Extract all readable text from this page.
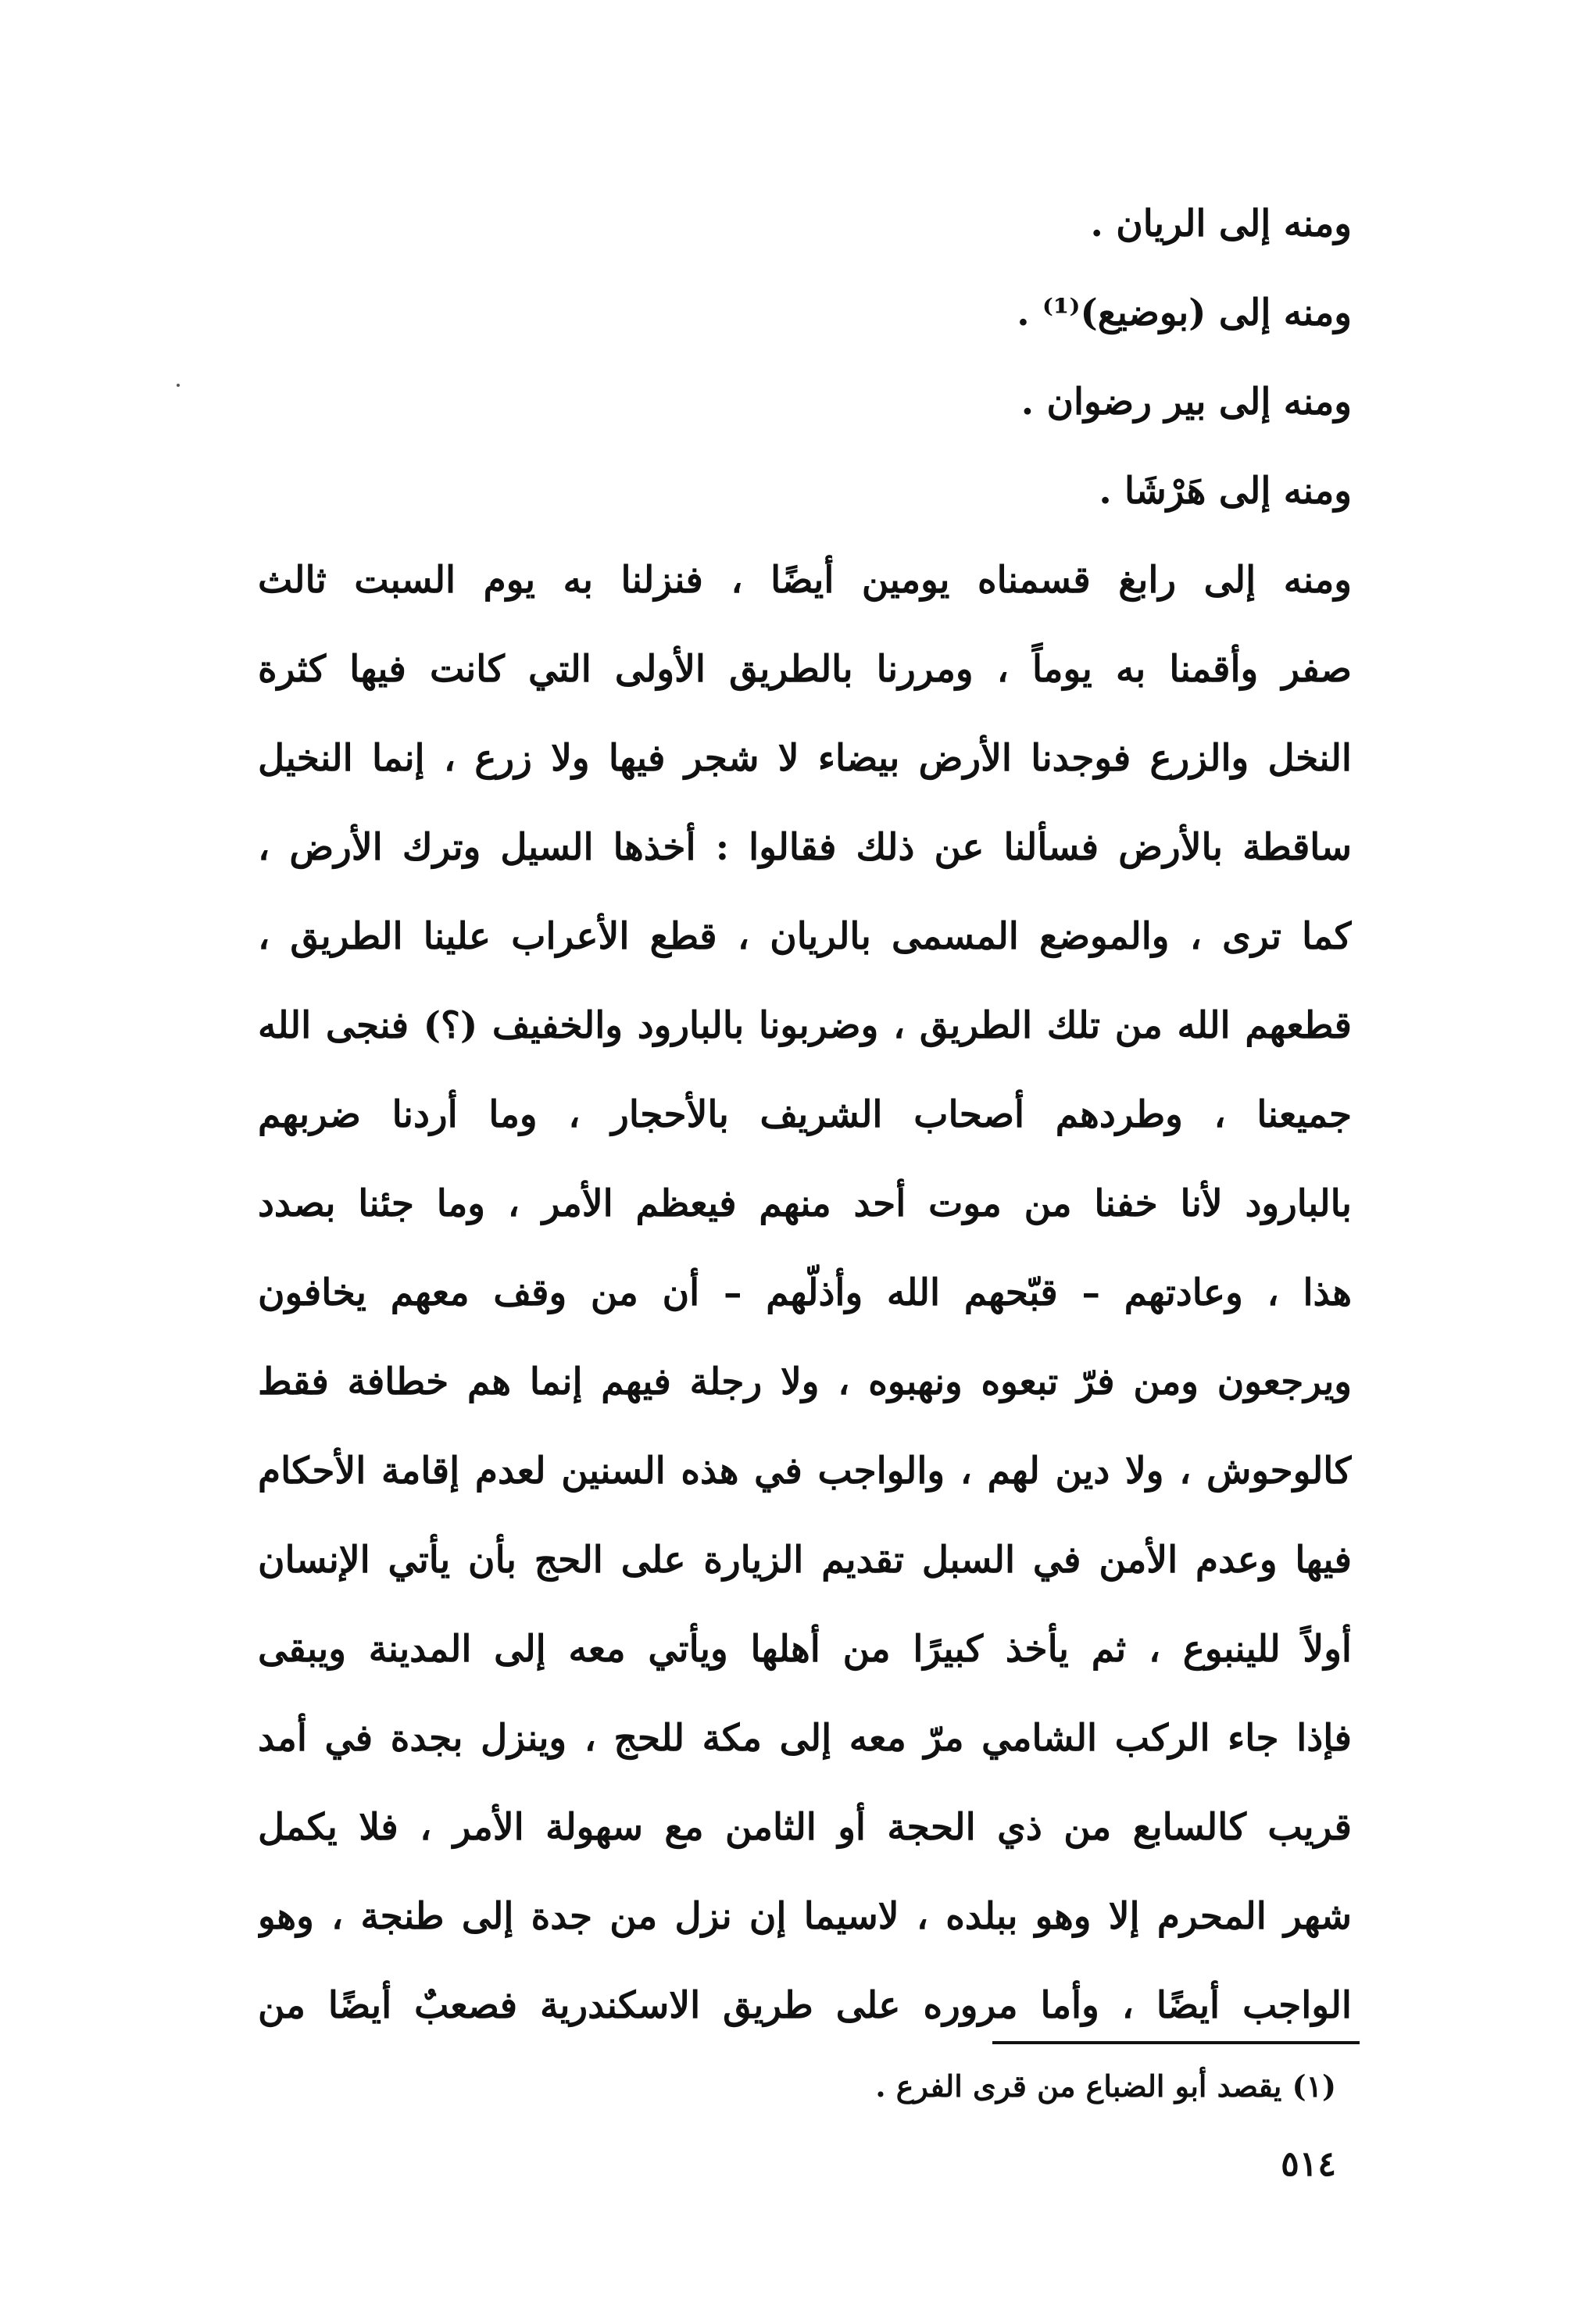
ومنه إلى الريان .
ومنه إلى (بوضيع)⁽¹⁾ .
ومنه إلى بير رضوان .
ومنه إلى هَرْشَا .
ومنه إلى رابغ قسمناه يومين أيضًا ، فنزلنا به يوم السبت ثالث
صفر وأقمنا به يوماً ، ومررنا بالطريق الأولى التي كانت فيها كثرة
النخل والزرع فوجدنا الأرض بيضاء لا شجر فيها ولا زرع ، إنما النخيل
ساقطة بالأرض فسألنا عن ذلك فقالوا : أخذها السيل وترك الأرض ،
كما ترى ، والموضع المسمى بالريان ، قطع الأعراب علينا الطريق ،
قطعهم الله من تلك الطريق ، وضربونا بالبارود والخفيف (؟) فنجى الله
جميعنا ، وطردهم أصحاب الشريف بالأحجار ، وما أردنا ضربهم
بالبارود لأنا خفنا من موت أحد منهم فيعظم الأمر ، وما جئنا بصدد
هذا ، وعادتهم – قبّحهم الله وأذلّهم – أن من وقف معهم يخافون
ويرجعون ومن فرّ تبعوه ونهبوه ، ولا رجلة فيهم إنما هم خطافة فقط
كالوحوش ، ولا دين لهم ، والواجب في هذه السنين لعدم إقامة الأحكام
فيها وعدم الأمن في السبل تقديم الزيارة على الحج بأن يأتي الإنسان
أولاً للينبوع ، ثم يأخذ كبيرًا من أهلها ويأتي معه إلى المدينة ويبقى
فإذا جاء الركب الشامي مرّ معه إلى مكة للحج ، وينزل بجدة في أمد
قريب كالسابع من ذي الحجة أو الثامن مع سهولة الأمر ، فلا يكمل
شهر المحرم إلا وهو ببلده ، لاسيما إن نزل من جدة إلى طنجة ، وهو
الواجب أيضًا ، وأما مروره على طريق الاسكندرية فصعبٌ أيضًا من
(١) يقصد أبو الضباع من قرى الفرع .
٥١٤
